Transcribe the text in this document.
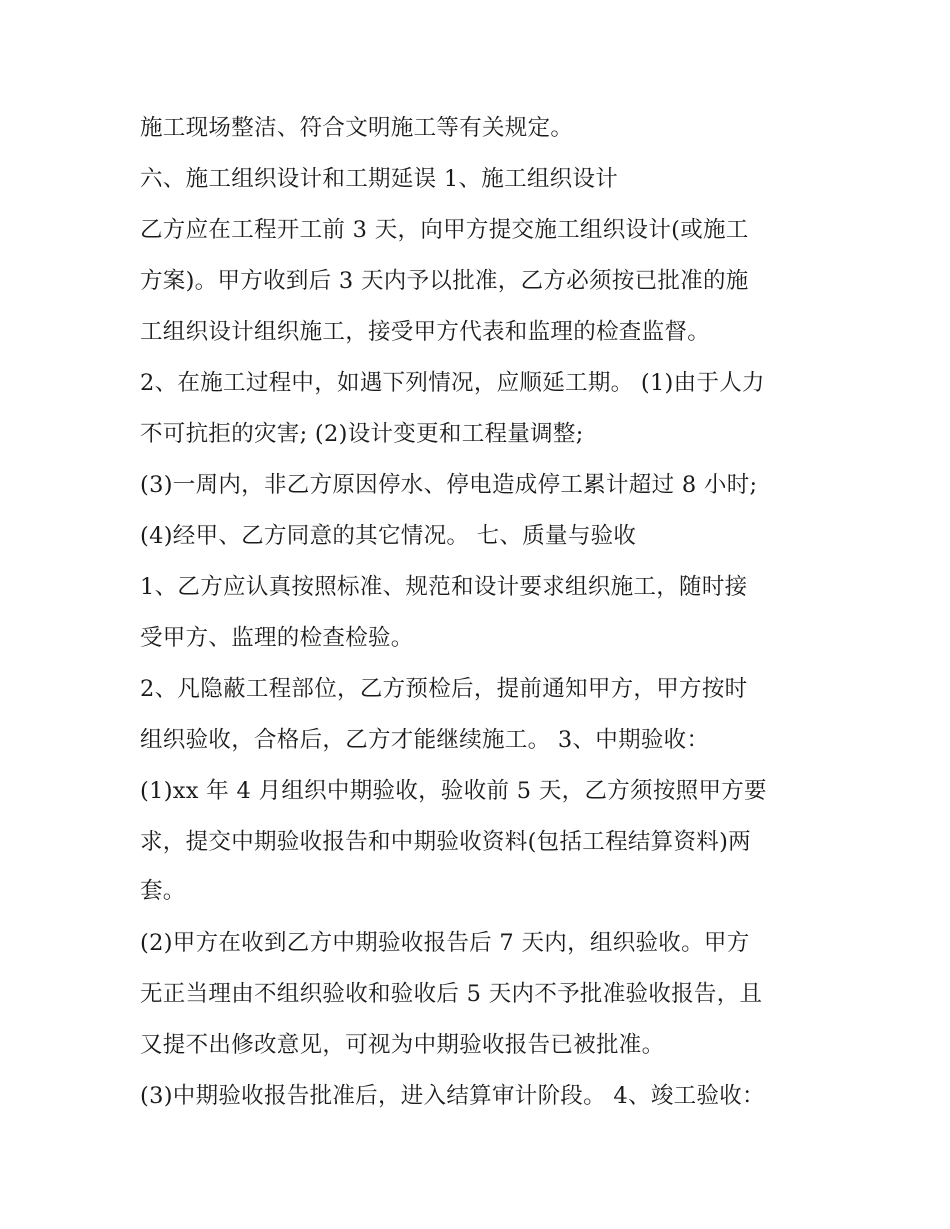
施工现场整洁、符合文明施工等有关规定。
六、施工组织设计和工期延误 1、施工组织设计
乙方应在工程开工前 3 天，向甲方提交施工组织设计(或施工
方案)。甲方收到后 3 天内予以批准，乙方必须按已批准的施
工组织设计组织施工，接受甲方代表和监理的检查监督。
2、在施工过程中，如遇下列情况，应顺延工期。 (1)由于人力
不可抗拒的灾害; (2)设计变更和工程量调整;
(3)一周内，非乙方原因停水、停电造成停工累计超过 8 小时;
(4)经甲、乙方同意的其它情况。 七、质量与验收
1、乙方应认真按照标准、规范和设计要求组织施工，随时接
受甲方、监理的检查检验。
2、凡隐蔽工程部位，乙方预检后，提前通知甲方，甲方按时
组织验收，合格后，乙方才能继续施工。 3、中期验收：
(1)xx 年 4 月组织中期验收，验收前 5 天，乙方须按照甲方要
求，提交中期验收报告和中期验收资料(包括工程结算资料)两
套。
(2)甲方在收到乙方中期验收报告后 7 天内，组织验收。甲方
无正当理由不组织验收和验收后 5 天内不予批准验收报告，且
又提不出修改意见，可视为中期验收报告已被批准。
(3)中期验收报告批准后，进入结算审计阶段。 4、竣工验收：
